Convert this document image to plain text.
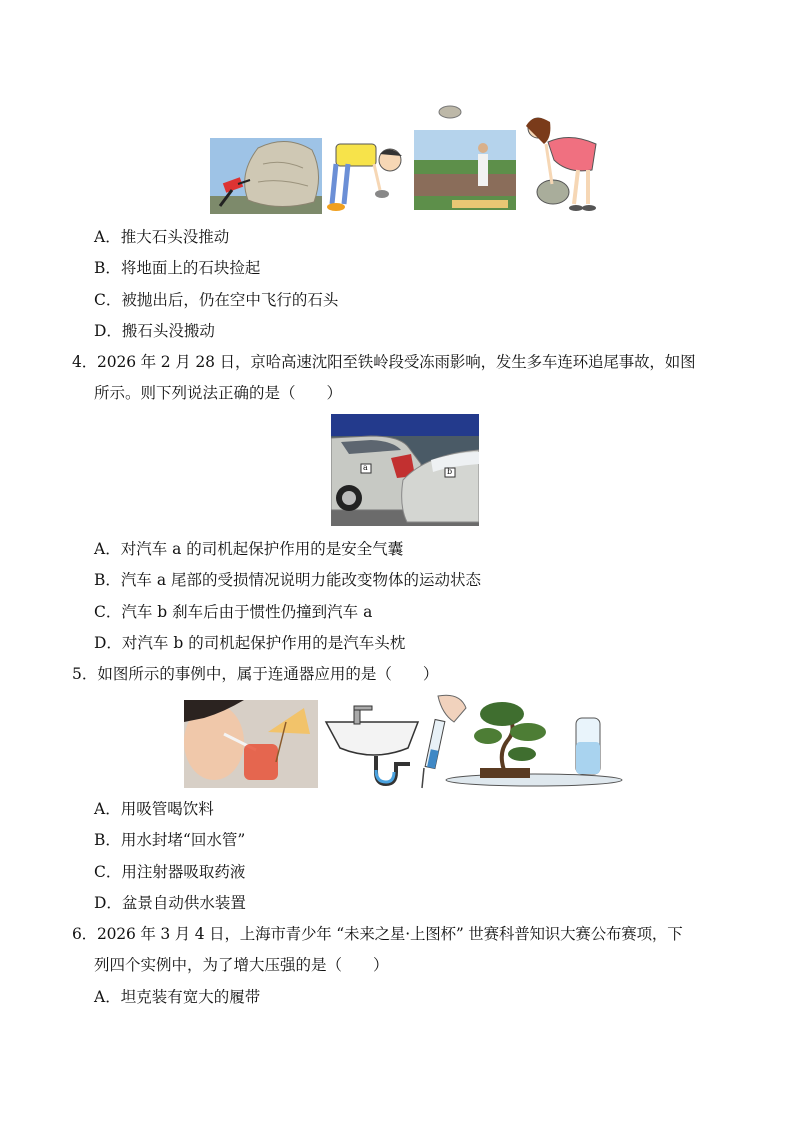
A．推大石头没推动
B．将地面上的石块捡起
C．被抛出后，仍在空中飞行的石头
D．搬石头没搬动
4．2026 年 2 月 28 日，京哈高速沈阳至铁岭段受冻雨影响，发生多车连环追尾事故，如图
所示。则下列说法正确的是（　　）
a	b
A．对汽车 a 的司机起保护作用的是安全气囊
B．汽车 a 尾部的受损情况说明力能改变物体的运动状态
C．汽车 b 刹车后由于惯性仍撞到汽车 a
D．对汽车 b 的司机起保护作用的是汽车头枕
5．如图所示的事例中，属于连通器应用的是（　　）
A．用吸管喝饮料
B．用水封堵“回水管”
C．用注射器吸取药液
D．盆景自动供水装置
6．2026 年 3 月 4 日，上海市青少年 “未来之星·上图杯” 世赛科普知识大赛公布赛项，下
列四个实例中，为了增大压强的是（　　）
A．坦克装有宽大的履带
